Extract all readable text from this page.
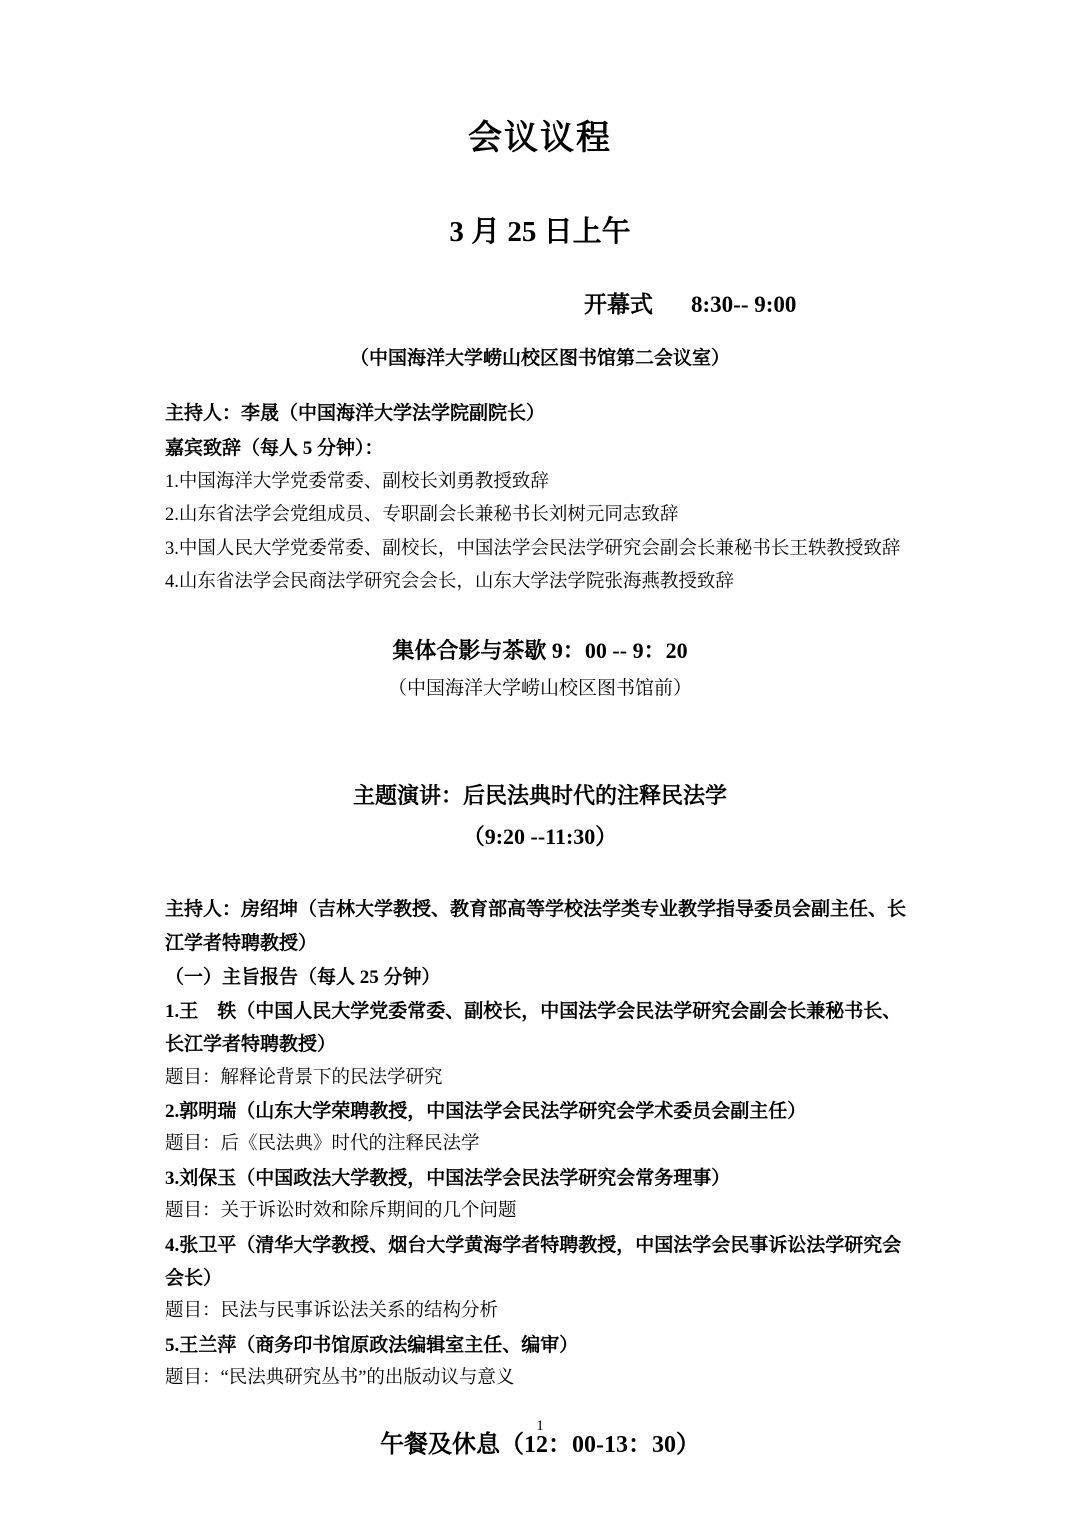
会议议程
3 月 25 日上午
开幕式 8:30-- 9:00
（中国海洋大学崂山校区图书馆第二会议室）
主持人：李晟（中国海洋大学法学院副院长）
嘉宾致辞（每人 5 分钟）：
1.中国海洋大学党委常委、副校长刘勇教授致辞
2.山东省法学会党组成员、专职副会长兼秘书长刘树元同志致辞
3.中国人民大学党委常委、副校长，中国法学会民法学研究会副会长兼秘书长王轶教授致辞
4.山东省法学会民商法学研究会会长，山东大学法学院张海燕教授致辞
集体合影与茶歇 9：00 -- 9：20
（中国海洋大学崂山校区图书馆前）
主题演讲：后民法典时代的注释民法学
（9:20 --11:30）
主持人：房绍坤（吉林大学教授、教育部高等学校法学类专业教学指导委员会副主任、长江学者特聘教授）
（一）主旨报告（每人 25 分钟）
1.王　轶（中国人民大学党委常委、副校长，中国法学会民法学研究会副会长兼秘书长、长江学者特聘教授）
题目：解释论背景下的民法学研究
2.郭明瑞（山东大学荣聘教授，中国法学会民法学研究会学术委员会副主任）
题目：后《民法典》时代的注释民法学
3.刘保玉（中国政法大学教授，中国法学会民法学研究会常务理事）
题目：关于诉讼时效和除斥期间的几个问题
4.张卫平（清华大学教授、烟台大学黄海学者特聘教授，中国法学会民事诉讼法学研究会会长）
题目：民法与民事诉讼法关系的结构分析
5.王兰萍（商务印书馆原政法编辑室主任、编审）
题目：“民法典研究丛书”的出版动议与意义
午餐及休息（12：00-13：30）
1
